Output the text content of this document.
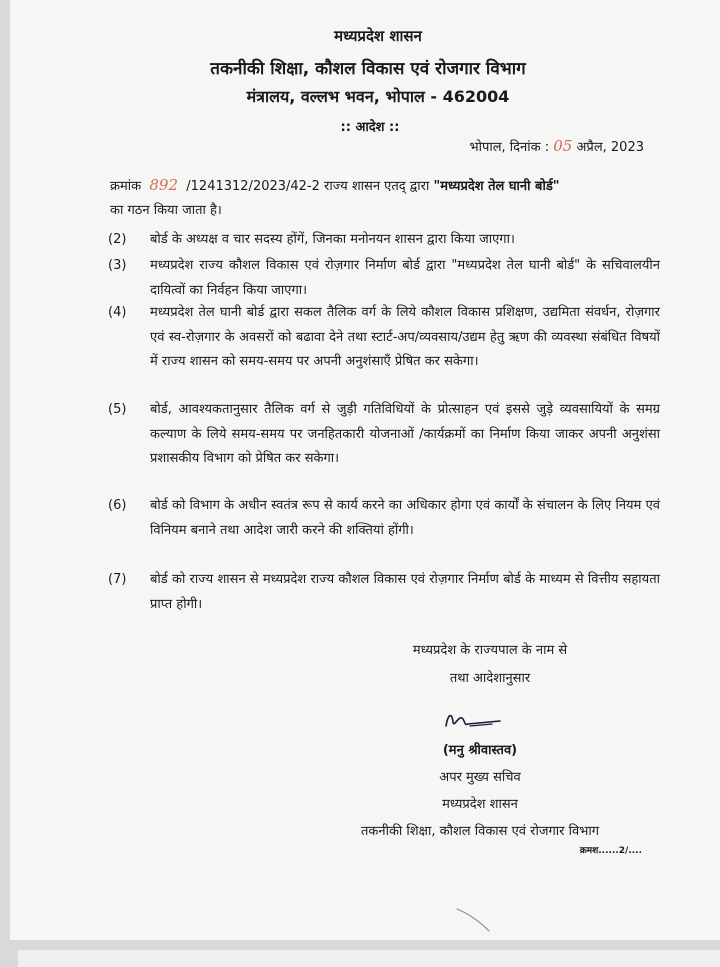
मध्यप्रदेश शासन
तकनीकी शिक्षा, कौशल विकास एवं रोजगार विभाग
मंत्रालय, वल्लभ भवन, भोपाल - 462004
:: आदेश ::
भोपाल, दिनांक : 05 अप्रैल, 2023
क्रमांक 892 /1241312/2023/42-2 राज्य शासन एतद् द्वारा "मध्यप्रदेश तेल घानी बोर्ड"
का गठन किया जाता है।
(2) बोर्ड के अध्यक्ष व चार सदस्य होंगें, जिनका मनोनयन शासन द्वारा किया जाएगा।
(3) मध्यप्रदेश राज्य कौशल विकास एवं रोज़गार निर्माण बोर्ड द्वारा "मध्यप्रदेश तेल घानी बोर्ड" के सचिवालयीन दायित्वों का निर्वहन किया जाएगा।
(4) मध्यप्रदेश तेल घानी बोर्ड द्वारा सकल तैलिक वर्ग के लिये कौशल विकास प्रशिक्षण, उद्यमिता संवर्धन, रोज़गार एवं स्व-रोज़गार के अवसरों को बढावा देने तथा स्टार्ट-अप/व्यवसाय/उद्यम हेतु ऋण की व्यवस्था संबंधित विषयों में राज्य शासन को समय-समय पर अपनी अनुशंसाएँ प्रेषित कर सकेगा।
(5) बोर्ड, आवश्यकतानुसार तैलिक वर्ग से जुड़ी गतिविधियों के प्रोत्साहन एवं इससे जुड़े व्यवसायियों के समग्र कल्याण के लिये समय-समय पर जनहितकारी योजनाओं /कार्यक्रमों का निर्माण किया जाकर अपनी अनुशंसा प्रशासकीय विभाग को प्रेषित कर सकेगा।
(6) बोर्ड को विभाग के अधीन स्वतंत्र रूप से कार्य करने का अधिकार होगा एवं कार्यों के संचालन के लिए नियम एवं विनियम बनाने तथा आदेश जारी करने की शक्तियां होंगी।
(7) बोर्ड को राज्य शासन से मध्यप्रदेश राज्य कौशल विकास एवं रोज़गार निर्माण बोर्ड के माध्यम से वित्तीय सहायता प्राप्त होगी।
मध्यप्रदेश के राज्यपाल के नाम से
तथा आदेशानुसार
(मनु श्रीवास्तव)
अपर मुख्य सचिव
मध्यप्रदेश शासन
तकनीकी शिक्षा, कौशल विकास एवं रोजगार विभाग
क्रमश......2/....
